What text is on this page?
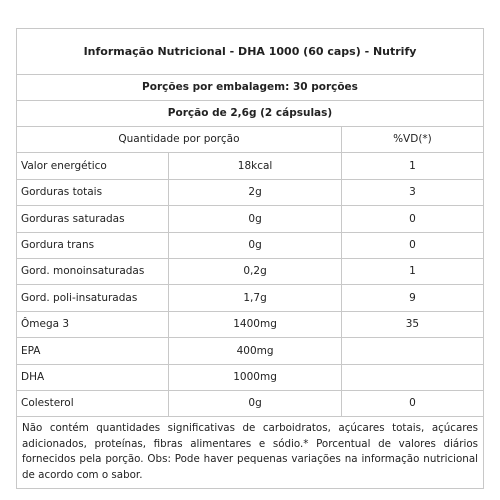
Informação Nutricional - DHA 1000 (60 caps) - Nutrify		
Porções por embalagem: 30 porções		
Porção de 2,6g (2 cápsulas)		
Quantidade por porção		%VD(*)
Valor energético	18kcal	1
Gorduras totais	2g	3
Gorduras saturadas	0g	0
Gordura trans	0g	0
Gord. monoinsaturadas	0,2g	1
Gord. poli-insaturadas	1,7g	9
Ômega 3	1400mg	35
EPA	400mg	
DHA	1000mg	
Colesterol	0g	0
Não contém quantidades significativas de carboidratos, açúcares totais, açúcares adicionados, proteínas, fibras alimentares e sódio.* Porcentual de valores diários fornecidos pela porção. Obs: Pode haver pequenas variações na informação nutricional de acordo com o sabor.		
